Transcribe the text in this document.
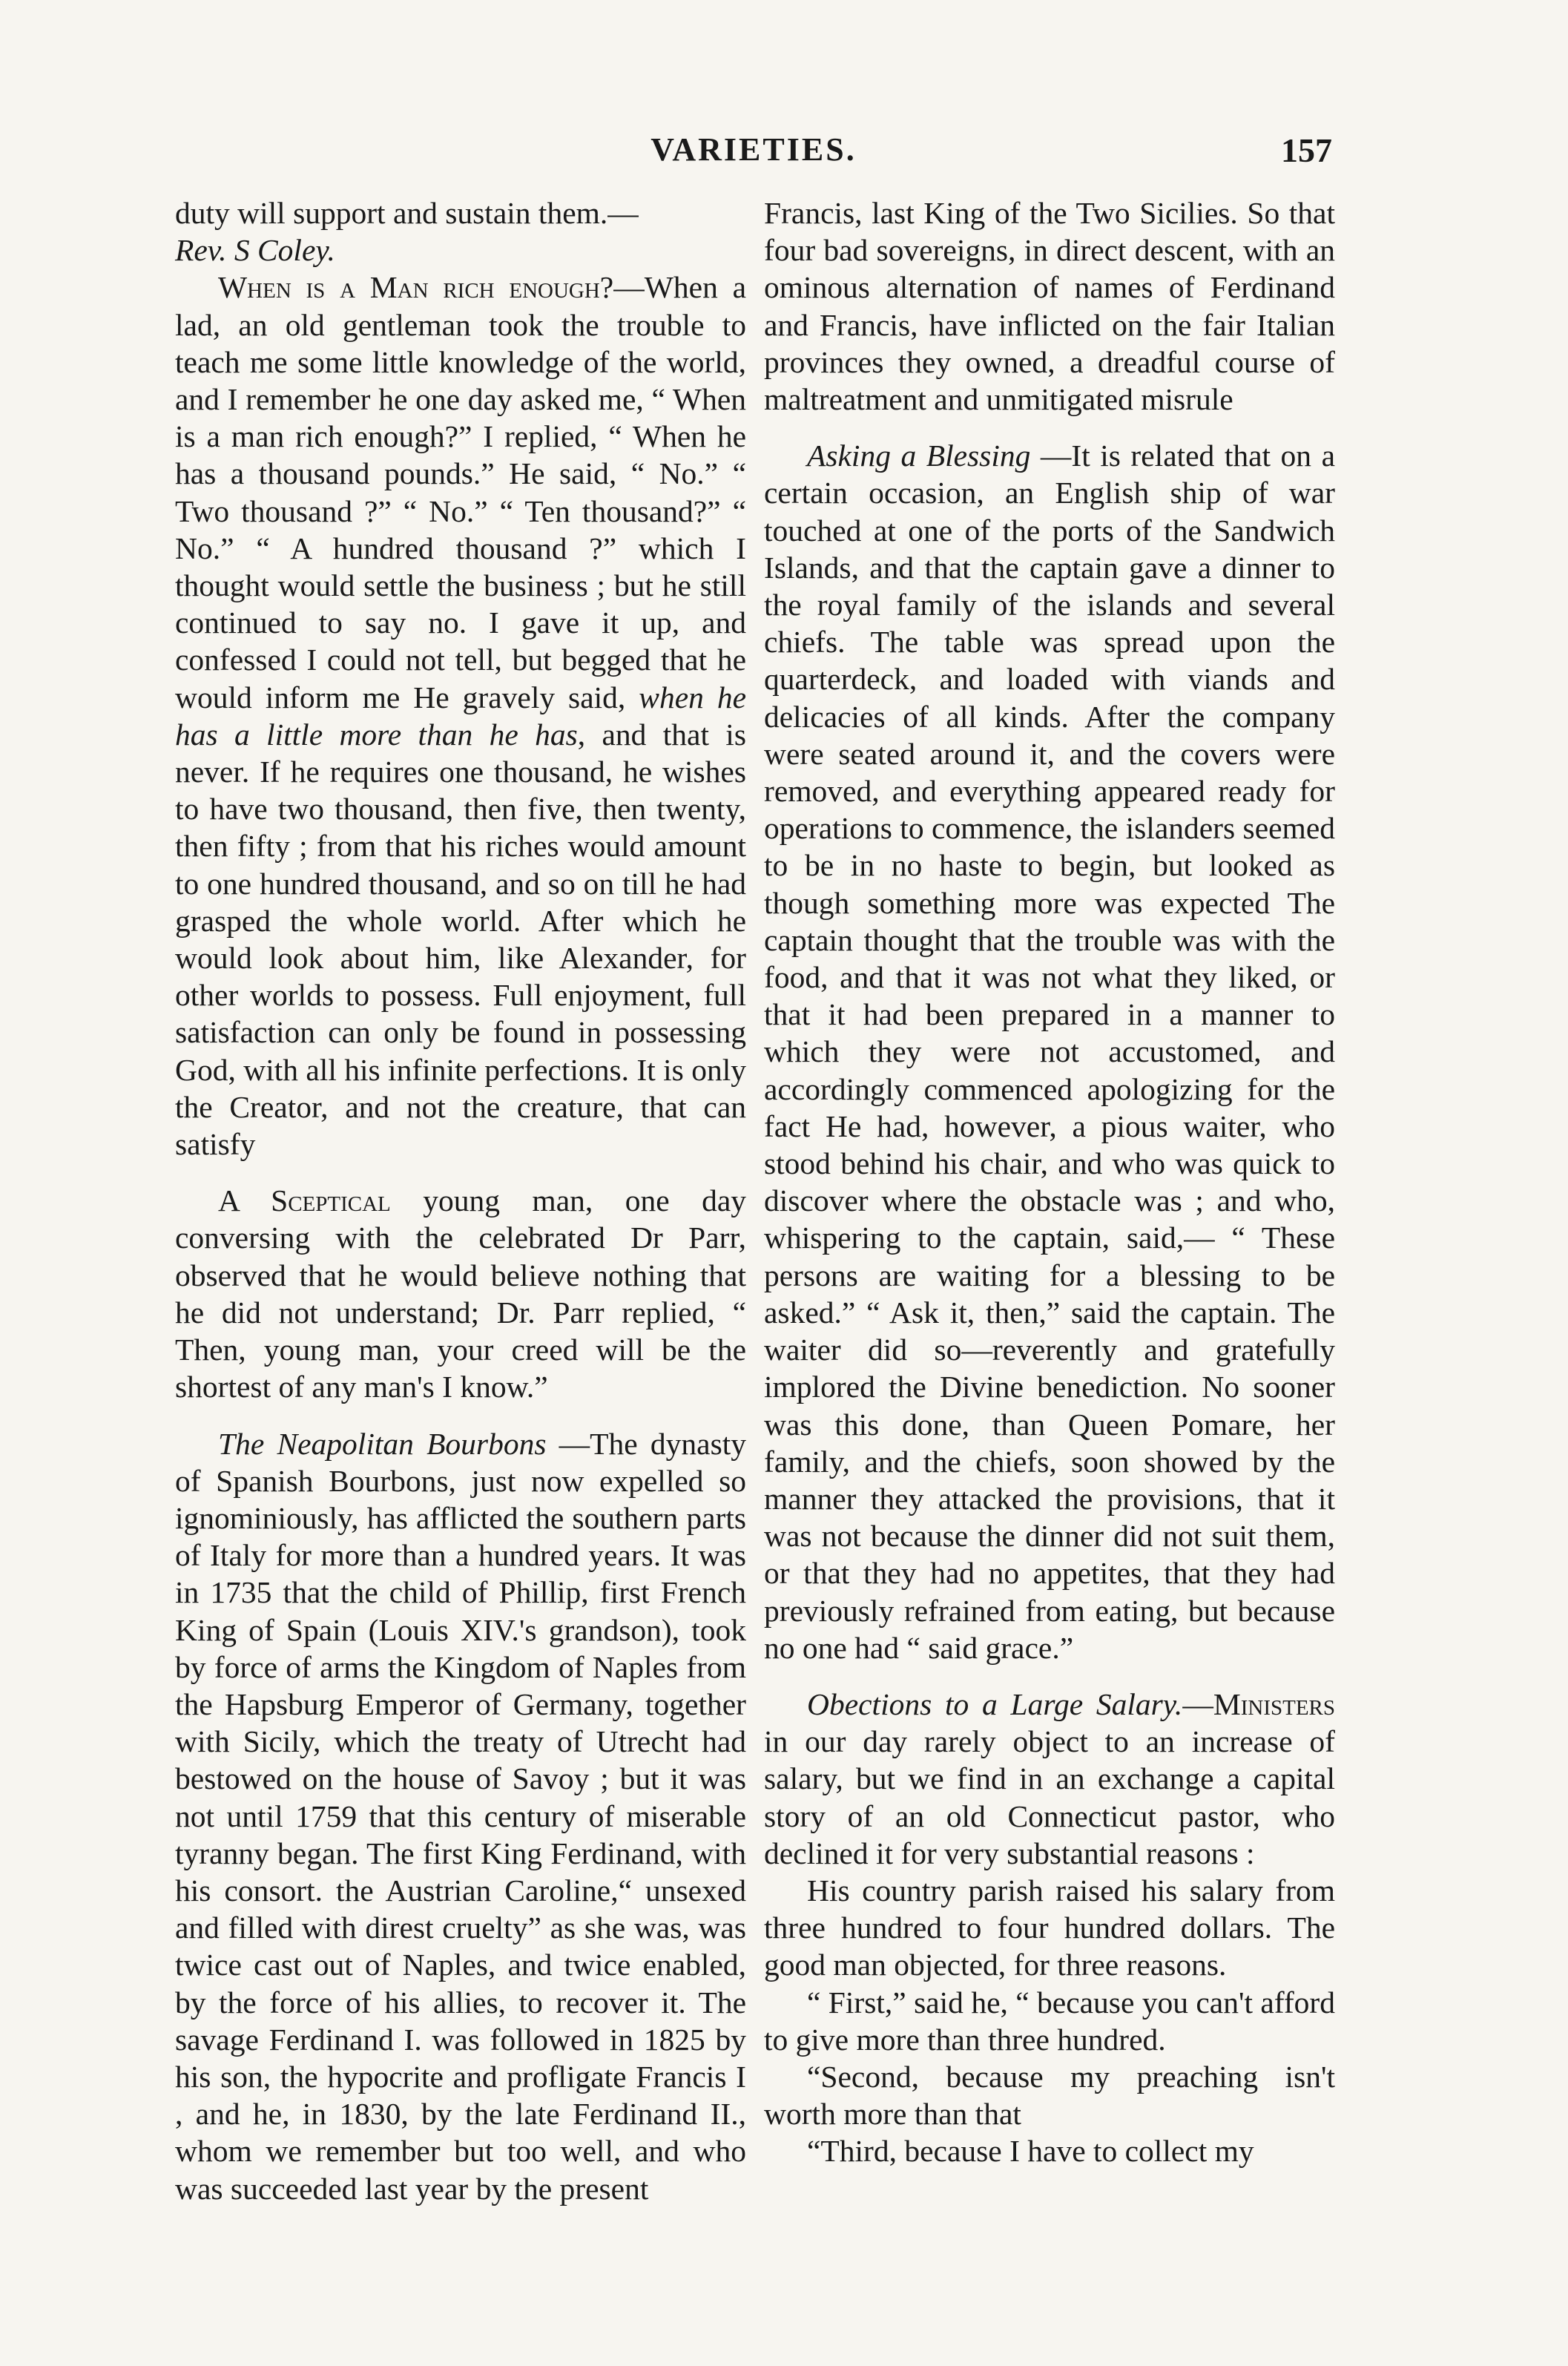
VARIETIES.	157

duty will support and sustain them.—
Rev. S Coley.

When is a Man rich enough?—When a lad, an old gentleman took the trouble to teach me some little knowledge of the world, and I remember he one day asked me, “ When is a man rich enough?” I replied, “ When he has a thousand pounds.” He said, “ No.” “ Two thousand ?” “ No.” “ Ten thousand?” “ No.” “ A hundred thousand ?” which I thought would settle the business ; but he still continued to say no. I gave it up, and confessed I could not tell, but begged that he would inform me He gravely said, when he has a little more than he has, and that is never. If he requires one thousand, he wishes to have two thousand, then five, then twenty, then fifty ; from that his riches would amount to one hundred thousand, and so on till he had grasped the whole world. After which he would look about him, like Alexander, for other worlds to possess. Full enjoyment, full satisfaction can only be found in possessing God, with all his infinite perfections. It is only the Creator, and not the creature, that can satisfy

A Sceptical young man, one day conversing with the celebrated Dr Parr, observed that he would believe nothing that he did not understand; Dr. Parr replied, “ Then, young man, your creed will be the shortest of any man's I know.”

The Neapolitan Bourbons —The dynasty of Spanish Bourbons, just now expelled so ignominiously, has afflicted the southern parts of Italy for more than a hundred years. It was in 1735 that the child of Phillip, first French King of Spain (Louis XIV.'s grandson), took by force of arms the Kingdom of Naples from the Hapsburg Emperor of Germany, together with Sicily, which the treaty of Utrecht had bestowed on the house of Savoy ; but it was not until 1759 that this century of miserable tyranny began. The first King Ferdinand, with his consort. the Austrian Caroline,“ unsexed and filled with direst cruelty” as she was, was twice cast out of Naples, and twice enabled, by the force of his allies, to recover it. The savage Ferdinand I. was followed in 1825 by his son, the hypocrite and profligate Francis I , and he, in 1830, by the late Ferdinand II., whom we remember but too well, and who was succeeded last year by the present

Francis, last King of the Two Sicilies. So that four bad sovereigns, in direct descent, with an ominous alternation of names of Ferdinand and Francis, have inflicted on the fair Italian provinces they owned, a dreadful course of maltreatment and unmitigated misrule

Asking a Blessing —It is related that on a certain occasion, an English ship of war touched at one of the ports of the Sandwich Islands, and that the captain gave a dinner to the royal family of the islands and several chiefs. The table was spread upon the quarterdeck, and loaded with viands and delicacies of all kinds. After the company were seated around it, and the covers were removed, and everything appeared ready for operations to commence, the islanders seemed to be in no haste to begin, but looked as though something more was expected The captain thought that the trouble was with the food, and that it was not what they liked, or that it had been prepared in a manner to which they were not accustomed, and accordingly commenced apologizing for the fact He had, however, a pious waiter, who stood behind his chair, and who was quick to discover where the obstacle was ; and who, whispering to the captain, said,— “ These persons are waiting for a blessing to be asked.” “ Ask it, then,” said the captain. The waiter did so—reverently and gratefully implored the Divine benediction. No sooner was this done, than Queen Pomare, her family, and the chiefs, soon showed by the manner they attacked the provisions, that it was not because the dinner did not suit them, or that they had no appetites, that they had previously refrained from eating, but because no one had “ said grace.”

Obections to a Large Salary.—Ministers in our day rarely object to an increase of salary, but we find in an exchange a capital story of an old Connecticut pastor, who declined it for very substantial reasons :

His country parish raised his salary from three hundred to four hundred dollars. The good man objected, for three reasons.

“ First,” said he, “ because you can't afford to give more than three hundred.

“Second, because my preaching isn't worth more than that

“Third, because I have to collect my
